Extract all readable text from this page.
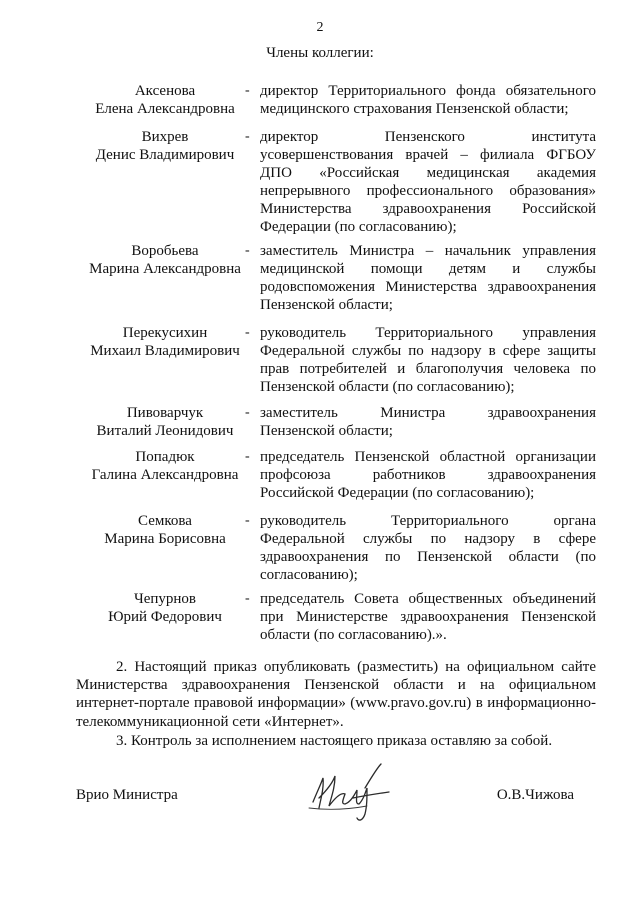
2
Члены коллегии:
Аксенова
Елена Александровна
- директор Территориального фонда обязательного медицинского страхования Пензенской области;
Вихрев
Денис Владимирович
- директор Пензенского института усовершенствования врачей – филиала ФГБОУ ДПО «Российская медицинская академия непрерывного профессионального образования» Министерства здравоохранения Российской Федерации (по согласованию);
Воробьева
Марина Александровна
- заместитель Министра – начальник управления медицинской помощи детям и службы родовспоможения Министерства здравоохранения Пензенской области;
Перекусихин
Михаил Владимирович
- руководитель Территориального управления Федеральной службы по надзору в сфере защиты прав потребителей и благополучия человека по Пензенской области (по согласованию);
Пивоварчук
Виталий Леонидович
- заместитель Министра здравоохранения Пензенской области;
Попадюк
Галина Александровна
- председатель Пензенской областной организации профсоюза работников здравоохранения Российской Федерации (по согласованию);
Семкова
Марина Борисовна
- руководитель Территориального органа Федеральной службы по надзору в сфере здравоохранения по Пензенской области (по согласованию);
Чепурнов
Юрий Федорович
- председатель Совета общественных объединений при Министерстве здравоохранения Пензенской области (по согласованию).».
2. Настоящий приказ опубликовать (разместить) на официальном сайте Министерства здравоохранения Пензенской области и на официальном интернет-портале правовой информации» (www.pravo.gov.ru) в информационно-телекоммуникационной сети «Интернет».
3. Контроль за исполнением настоящего приказа оставляю за собой.
Врио Министра	О.В.Чижова
